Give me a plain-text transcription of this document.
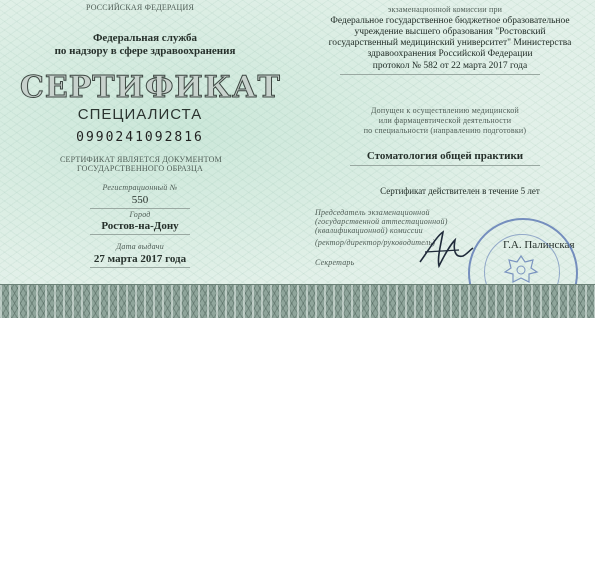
РОССИЙСКАЯ ФЕДЕРАЦИЯ
Федеральная служба
по надзору в сфере здравоохранения
СЕРТИФИКАТ
СПЕЦИАЛИСТА
0990241092816
СЕРТИФИКАТ ЯВЛЯЕТСЯ ДОКУМЕНТОМ
ГОСУДАРСТВЕННОГО ОБРАЗЦА
Регистрационный №
550
Город
Ростов-на-Дону
Дата выдачи
27 марта 2017 года
экзаменационной комиссии при
Федеральное государственное бюджетное образовательное
учреждение высшего образования "Ростовский
государственный медицинский университет" Министерства
здравоохранения Российской Федерации
протокол № 582 от 22 марта 2017 года
Допущен к осуществлению медицинской
или фармацевтической деятельности
по специальности (направлению подготовки)
Стоматология общей практики
Сертификат действителен в течение 5 лет
Председатель экзаменационной
(государственной аттестационной)
(квалификационной) комиссии
(ректор/директор/руководитель)
Секретарь
Г.А. Палинская
